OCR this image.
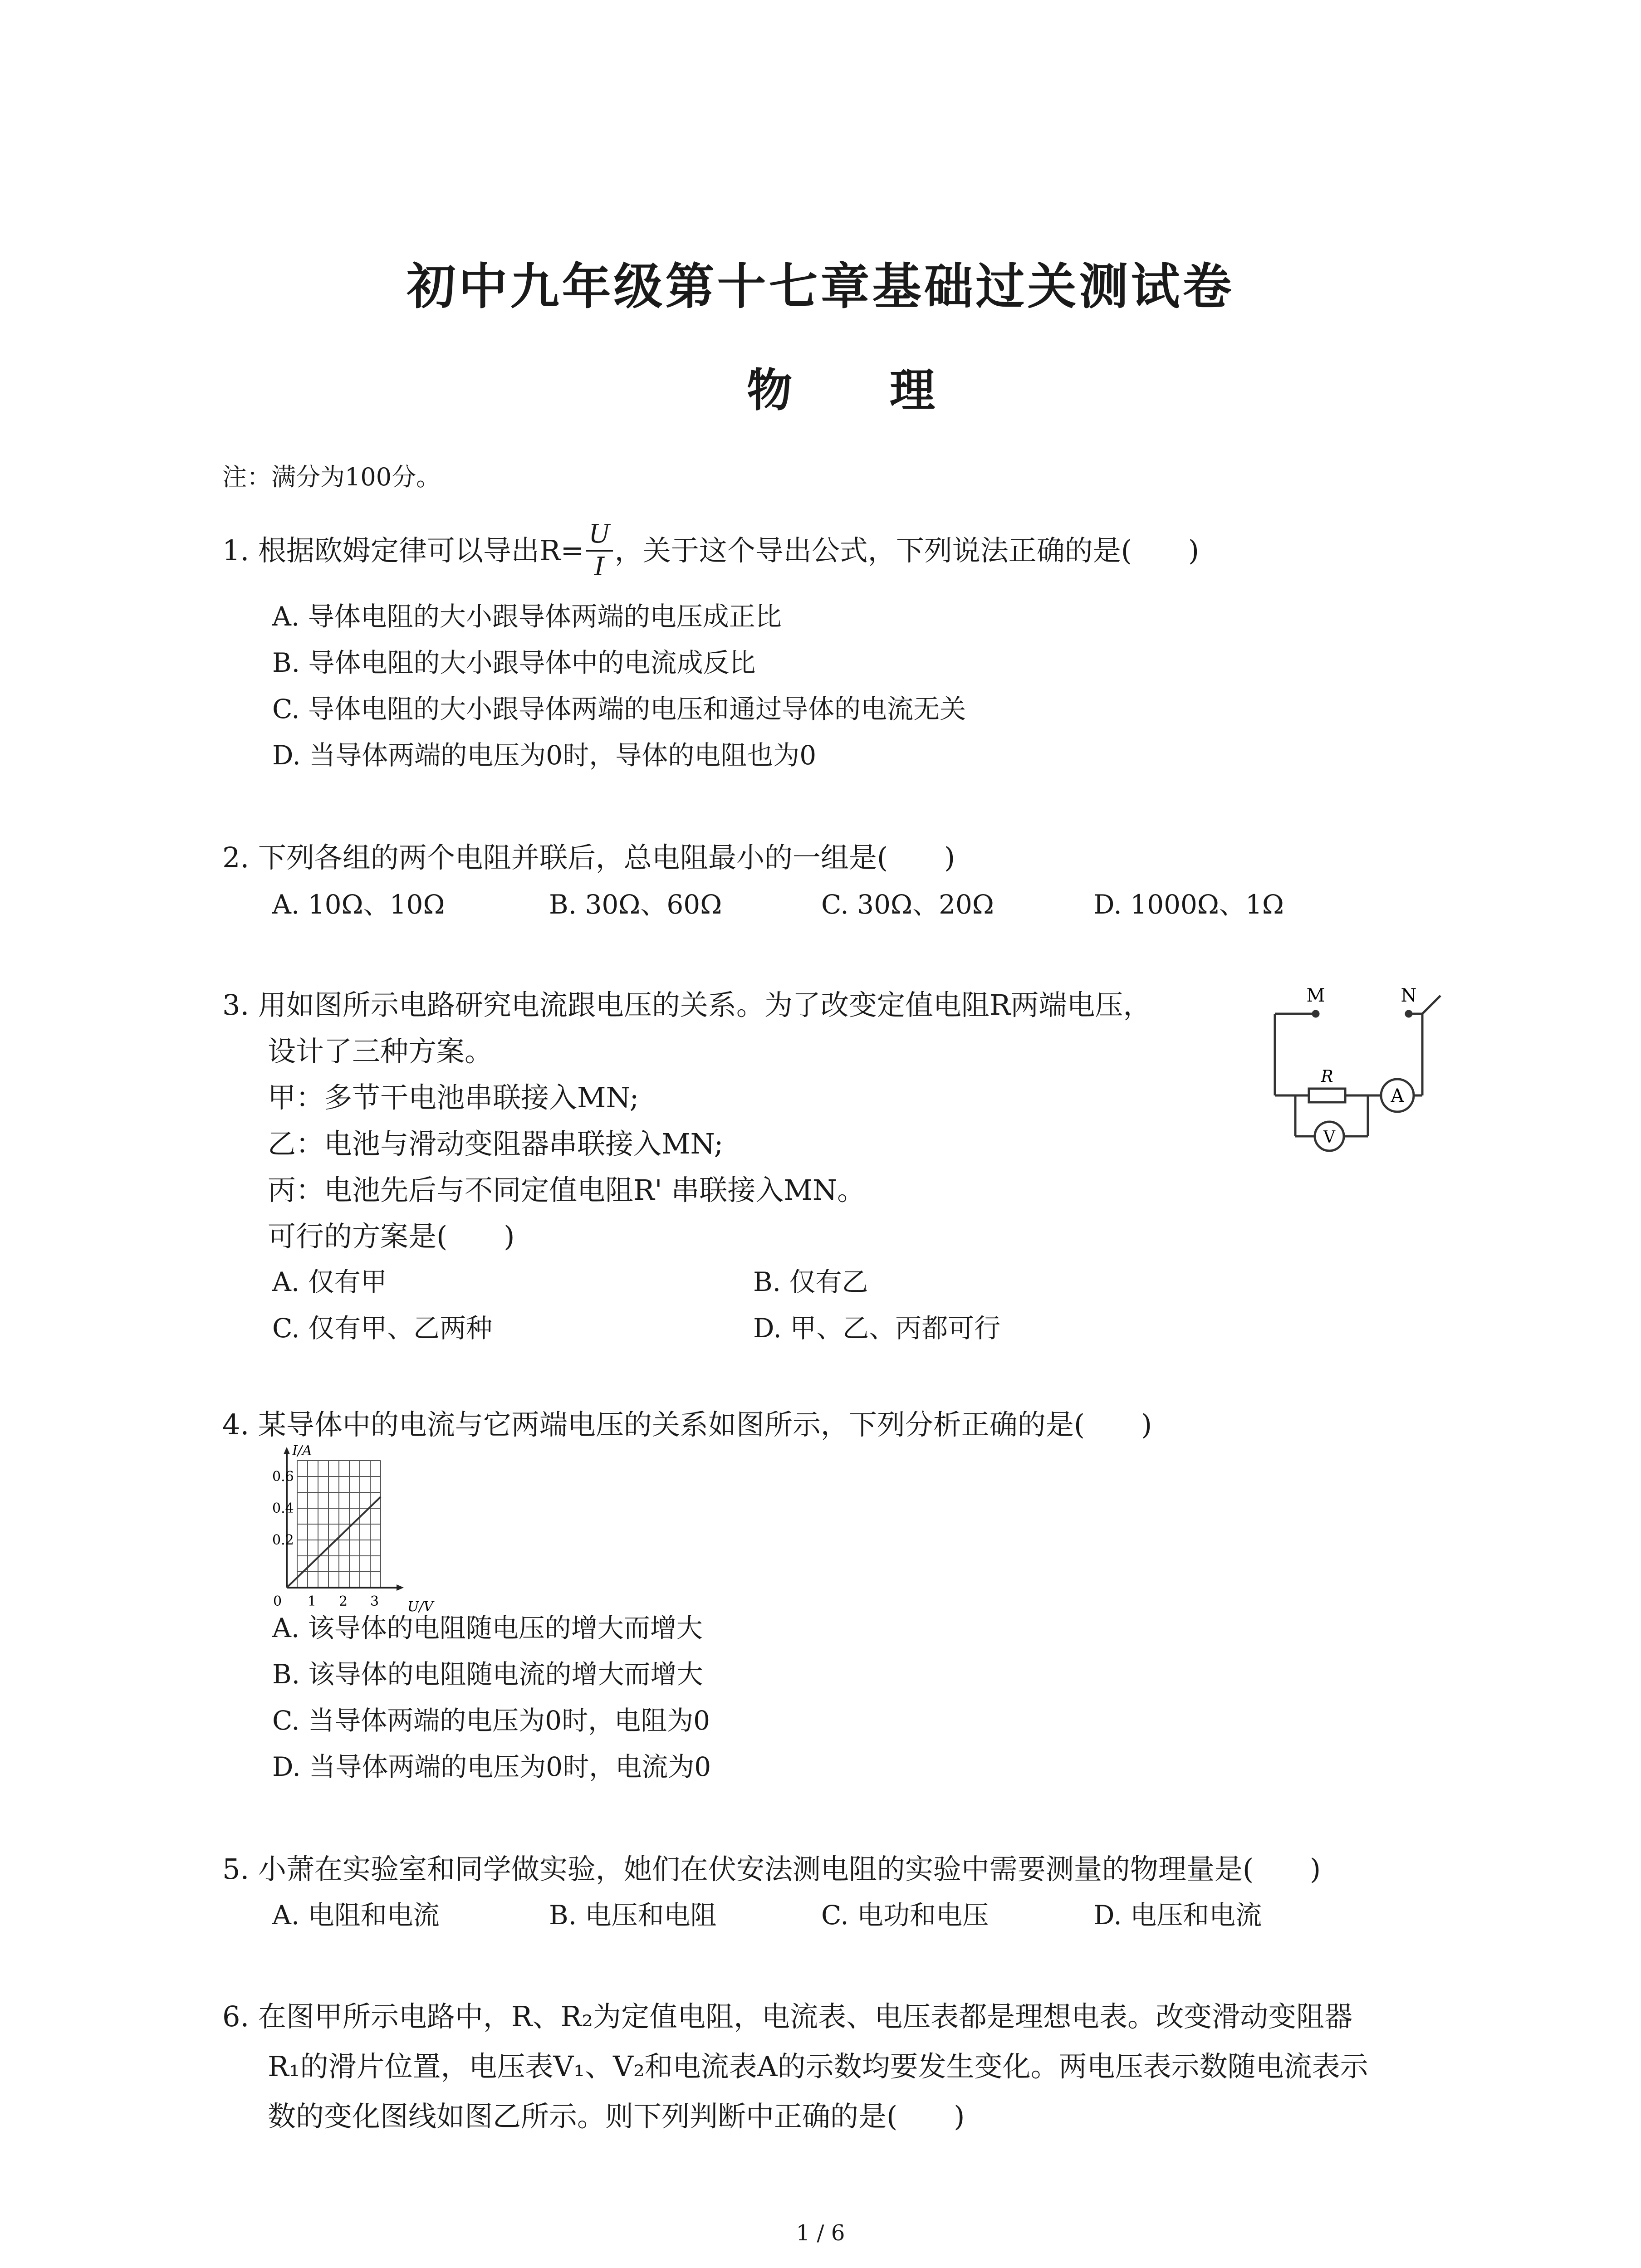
初中九年级第十七章基础过关测试卷
物 理
注：满分为100分。
1. 根据欧姆定律可以导出$R= \frac{U}{I}$ ，关于这个导出公式，下列说法正确的是(　　)
A. 导体电阻的大小跟导体两端的电压成正比
B. 导体电阻的大小跟导体中的电流成反比
C. 导体电阻的大小跟导体两端的电压和通过导体的电流无关
D. 当导体两端的电压为0时，导体的电阻也为0
2. 下列各组的两个电阻并联后，总电阻最小的一组是(　　)
A. 10Ω、10Ω	B. 30Ω、60Ω	C. 30Ω、20Ω	D. 1000Ω、1Ω
3. 用如图所示电路研究电流跟电压的关系。为了改变定值电阻R两端电压，
设计了三种方案。
甲：多节干电池串联接入MN;
乙：电池与滑动变阻器串联接入MN;
丙：电池先后与不同定值电阻R' 串联接入MN。
可行的方案是(　　)
A. 仅有甲	B. 仅有乙
C. 仅有甲、乙两种	D. 甲、乙、丙都可行
M	N
R
A
V
4. 某导体中的电流与它两端电压的关系如图所示，下列分析正确的是(　　)
I/A
U/V
0.6
0.4
0.2
0 1 2 3
A. 该导体的电阻随电压的增大而增大
B. 该导体的电阻随电流的增大而增大
C. 当导体两端的电压为0时，电阻为0
D. 当导体两端的电压为0时，电流为0
5. 小萧在实验室和同学做实验，她们在伏安法测电阻的实验中需要测量的物理量是(　　)
A. 电阻和电流	B. 电压和电阻	C. 电功和电压	D. 电压和电流
6. 在图甲所示电路中，R、R₂为定值电阻，电流表、电压表都是理想电表。改变滑动变阻器
R₁的滑片位置，电压表V₁、V₂和电流表A的示数均要发生变化。两电压表示数随电流表示
数的变化图线如图乙所示。则下列判断中正确的是(　　)
1 / 6
